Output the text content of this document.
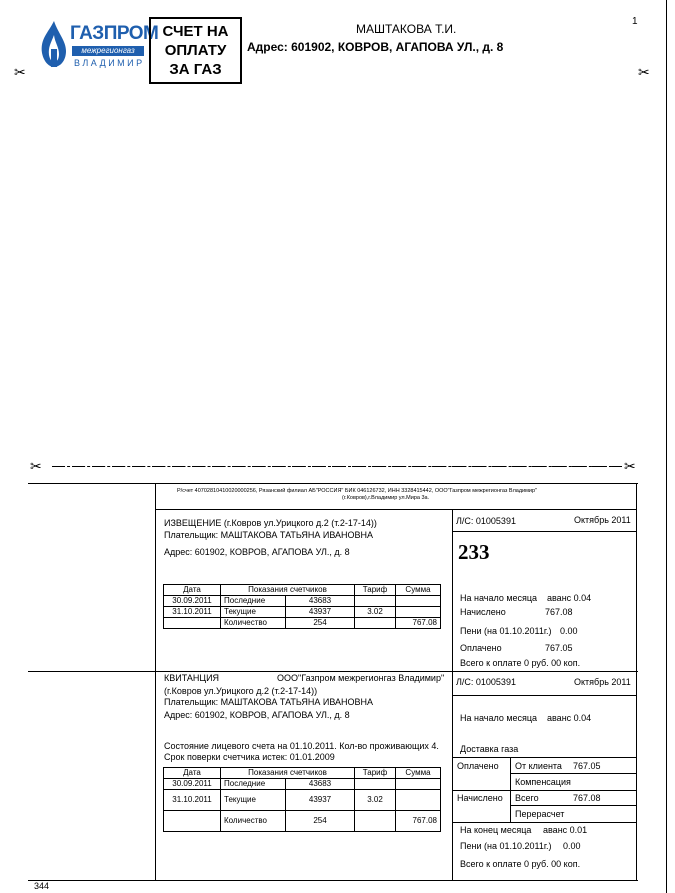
1
ГАЗПРОМ
межрегионгаз
ВЛАДИМИР
СЧЕТ НА
ОПЛАТУ
ЗА ГАЗ
МАШТАКОВА Т.И.
Адрес: 601902, КОВРОВ, АГАПОВА УЛ., д. 8
✂	✂
✂	✂
Р/счет 40702810410020000256, Рязанский филиал АБ"РОССИЯ" БИК 046126732, ИНН 3328415442, ООО"Газпром межрегионгаз Владимир"
(г.Ковров),г.Владимир ул.Мира 3а.
ИЗВЕЩЕНИЕ (г.Ковров ул.Урицкого д.2 (т.2-17-14))
Плательщик: МАШТАКОВА ТАТЬЯНА ИВАНОВНА
Адрес: 601902, КОВРОВ, АГАПОВА УЛ., д. 8
Л/С: 01005391	Октябрь 2011
233
На начало месяца аванс 0.04
Начислено	767.08
Пени (на 01.10.2011г.) 0.00
Оплачено	767.05
Всего к оплате 0 руб. 00 коп.
Дата	Показания счетчиков		Тариф	Сумма
30.09.2011	Последние	43683		
31.10.2011	Текущие	43937	3.02	
	Количество	254		767.08
КВИТАНЦИЯ	ООО"Газпром межрегионгаз Владимир"
(г.Ковров ул.Урицкого д.2 (т.2-17-14))
Плательщик: МАШТАКОВА ТАТЬЯНА ИВАНОВНА
Адрес: 601902, КОВРОВ, АГАПОВА УЛ., д. 8
Состояние лицевого счета на 01.10.2011. Кол-во проживающих 4.
Срок поверки счетчика истек: 01.01.2009
Л/С: 01005391	Октябрь 2011
На начало месяца аванс 0.04
Доставка газа
Оплачено От клиента 767.05
Компенсация
Начислено Всего	767.08
Перерасчет
На конец месяца аванс 0.01
Пени (на 01.10.2011г.) 0.00
Всего к оплате 0 руб. 00 коп.
Дата	Показания счетчиков		Тариф	Сумма
30.09.2011	Последние	43683		
31.10.2011	Текущие	43937	3.02	
	Количество	254		767.08
344
